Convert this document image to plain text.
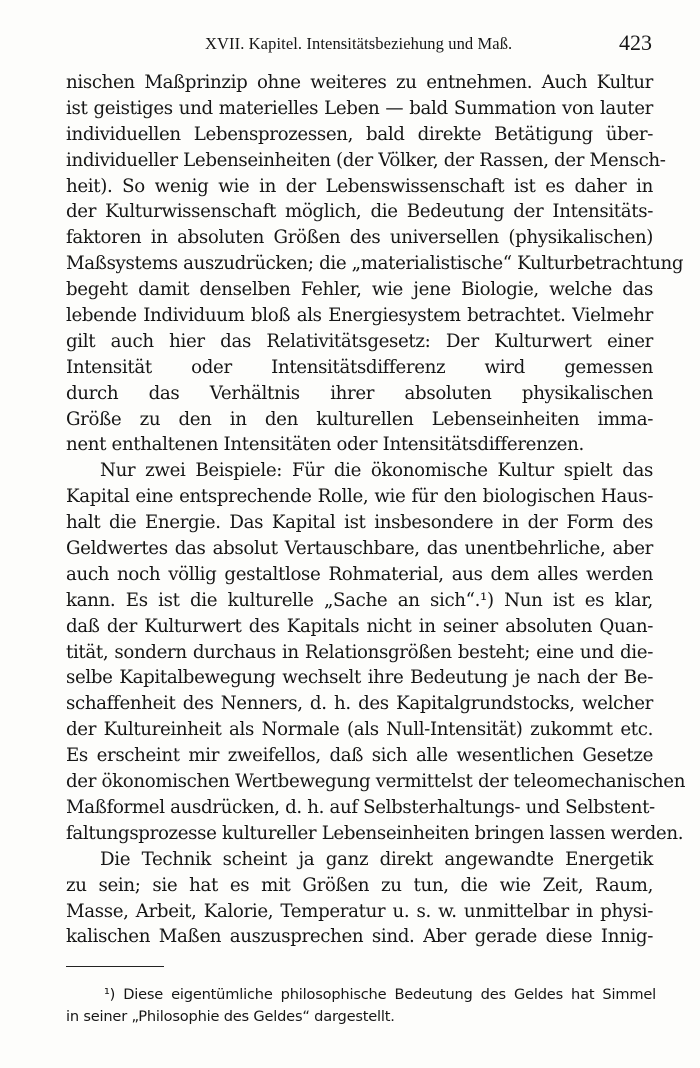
XVII. Kapitel. Intensitätsbeziehung und Maß.	423
nischen Maßprinzip ohne weiteres zu entnehmen. Auch Kultur
ist geistiges und materielles Leben — bald Summation von lauter
individuellen Lebensprozessen, bald direkte Betätigung über-
individueller Lebenseinheiten (der Völker, der Rassen, der Mensch-
heit). So wenig wie in der Lebenswissenschaft ist es daher in
der Kulturwissenschaft möglich, die Bedeutung der Intensitäts-
faktoren in absoluten Größen des universellen (physikalischen)
Maßsystems auszudrücken; die „materialistische“ Kulturbetrachtung
begeht damit denselben Fehler, wie jene Biologie, welche das
lebende Individuum bloß als Energiesystem betrachtet. Vielmehr
gilt auch hier das Relativitätsgesetz: Der Kulturwert einer
Intensität oder Intensitätsdifferenz wird gemessen
durch das Verhältnis ihrer absoluten physikalischen
Größe zu den in den kulturellen Lebenseinheiten imma-
nent enthaltenen Intensitäten oder Intensitätsdifferenzen.
Nur zwei Beispiele: Für die ökonomische Kultur spielt das
Kapital eine entsprechende Rolle, wie für den biologischen Haus-
halt die Energie. Das Kapital ist insbesondere in der Form des
Geldwertes das absolut Vertauschbare, das unentbehrliche, aber
auch noch völlig gestaltlose Rohmaterial, aus dem alles werden
kann. Es ist die kulturelle „Sache an sich“.¹) Nun ist es klar,
daß der Kulturwert des Kapitals nicht in seiner absoluten Quan-
tität, sondern durchaus in Relationsgrößen besteht; eine und die-
selbe Kapitalbewegung wechselt ihre Bedeutung je nach der Be-
schaffenheit des Nenners, d. h. des Kapitalgrundstocks, welcher
der Kultureinheit als Normale (als Null-Intensität) zukommt etc.
Es erscheint mir zweifellos, daß sich alle wesentlichen Gesetze
der ökonomischen Wertbewegung vermittelst der teleomechanischen
Maßformel ausdrücken, d. h. auf Selbsterhaltungs- und Selbstent-
faltungsprozesse kultureller Lebenseinheiten bringen lassen werden.
Die Technik scheint ja ganz direkt angewandte Energetik
zu sein; sie hat es mit Größen zu tun, die wie Zeit, Raum,
Masse, Arbeit, Kalorie, Temperatur u. s. w. unmittelbar in physi-
kalischen Maßen auszusprechen sind. Aber gerade diese Innig-
¹) Diese eigentümliche philosophische Bedeutung des Geldes hat Simmel
in seiner „Philosophie des Geldes“ dargestellt.
